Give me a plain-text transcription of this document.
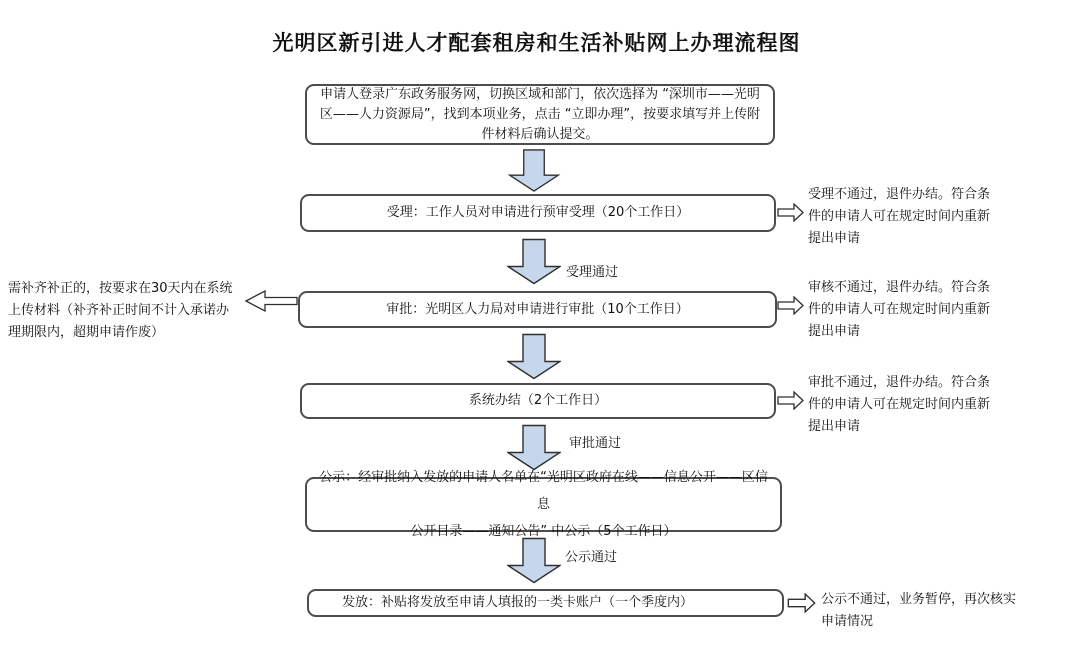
光明区新引进人才配套租房和生活补贴网上办理流程图
申请人登录广东政务服务网，切换区域和部门，依次选择为 “深圳市——光明区——人力资源局”，找到本项业务，点击 “立即办理”，按要求填写并上传附件材料后确认提交。
受理：工作人员对申请进行预审受理（20个工作日）
受理不通过，退件办结。符合条件的申请人可在规定时间内重新提出申请
受理通过
审批：光明区人力局对申请进行审批（10个工作日）
需补齐补正的，按要求在30天内在系统上传材料（补齐补正时间不计入承诺办理期限内，超期申请作废）
审核不通过，退件办结。符合条件的申请人可在规定时间内重新提出申请
系统办结（2个工作日）
审批不通过，退件办结。符合条件的申请人可在规定时间内重新提出申请
审批通过
公示：经审批纳入发放的申请人名单在“光明区政府在线——信息公开——区信息
公开目录——通知公告” 中公示（5个工作日）
公示通过
发放：补贴将发放至申请人填报的一类卡账户（一个季度内）	公示不通过，业务暂停，再次核实申请情况
